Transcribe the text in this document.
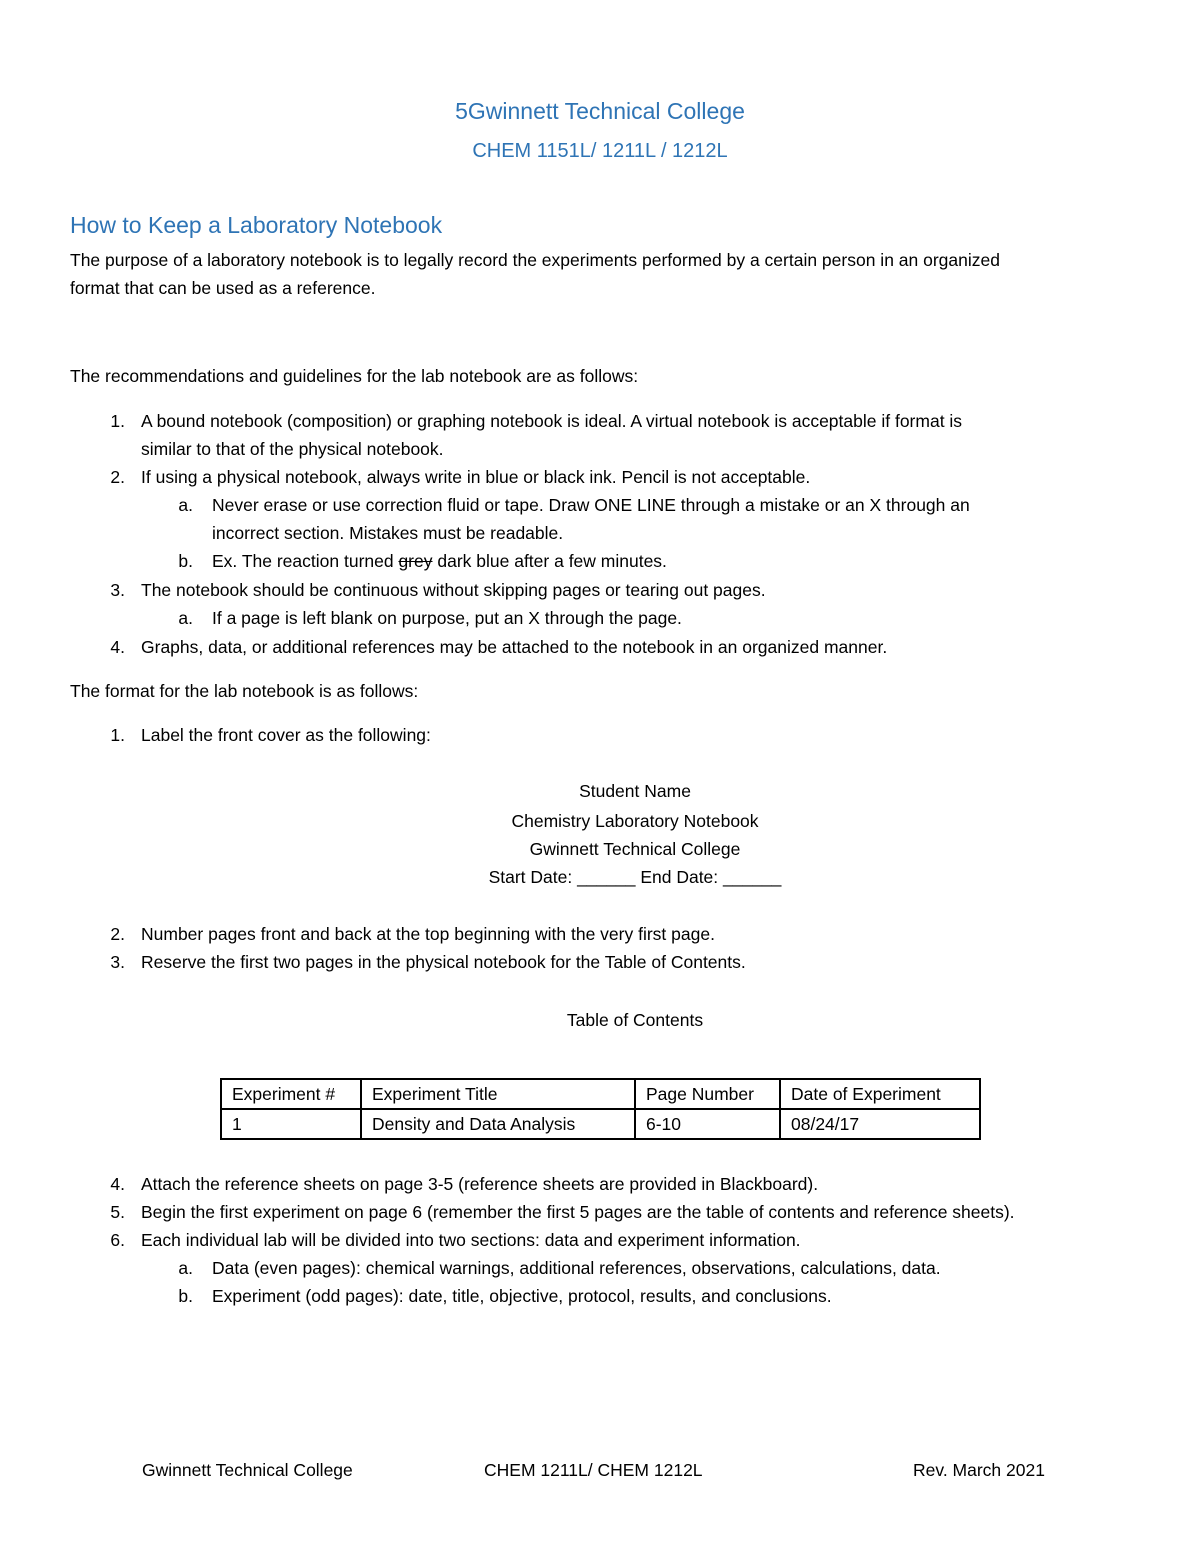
5Gwinnett Technical College
CHEM 1151L/ 1211L / 1212L
How to Keep a Laboratory Notebook
The purpose of a laboratory notebook is to legally record the experiments performed by a certain person in an organized
format that can be used as a reference.
The recommendations and guidelines for the lab notebook are as follows:
1. A bound notebook (composition) or graphing notebook is ideal. A virtual notebook is acceptable if format is
similar to that of the physical notebook.
2. If using a physical notebook, always write in blue or black ink. Pencil is not acceptable.
a. Never erase or use correction fluid or tape. Draw ONE LINE through a mistake or an X through an
incorrect section. Mistakes must be readable.
b. Ex. The reaction turned grey dark blue after a few minutes.
3. The notebook should be continuous without skipping pages or tearing out pages.
a. If a page is left blank on purpose, put an X through the page.
4. Graphs, data, or additional references may be attached to the notebook in an organized manner.
The format for the lab notebook is as follows:
1. Label the front cover as the following:
Student Name
Chemistry Laboratory Notebook
Gwinnett Technical College
Start Date: ______ End Date: ______
2. Number pages front and back at the top beginning with the very first page.
3. Reserve the first two pages in the physical notebook for the Table of Contents.
Table of Contents
Experiment #	Experiment Title	Page Number	Date of Experiment
1	Density and Data Analysis	6-10	08/24/17
4. Attach the reference sheets on page 3-5 (reference sheets are provided in Blackboard).
5. Begin the first experiment on page 6 (remember the first 5 pages are the table of contents and reference sheets).
6. Each individual lab will be divided into two sections: data and experiment information.
a. Data (even pages): chemical warnings, additional references, observations, calculations, data.
b. Experiment (odd pages): date, title, objective, protocol, results, and conclusions.
Gwinnett Technical College	CHEM 1211L/ CHEM 1212L	Rev. March 2021
